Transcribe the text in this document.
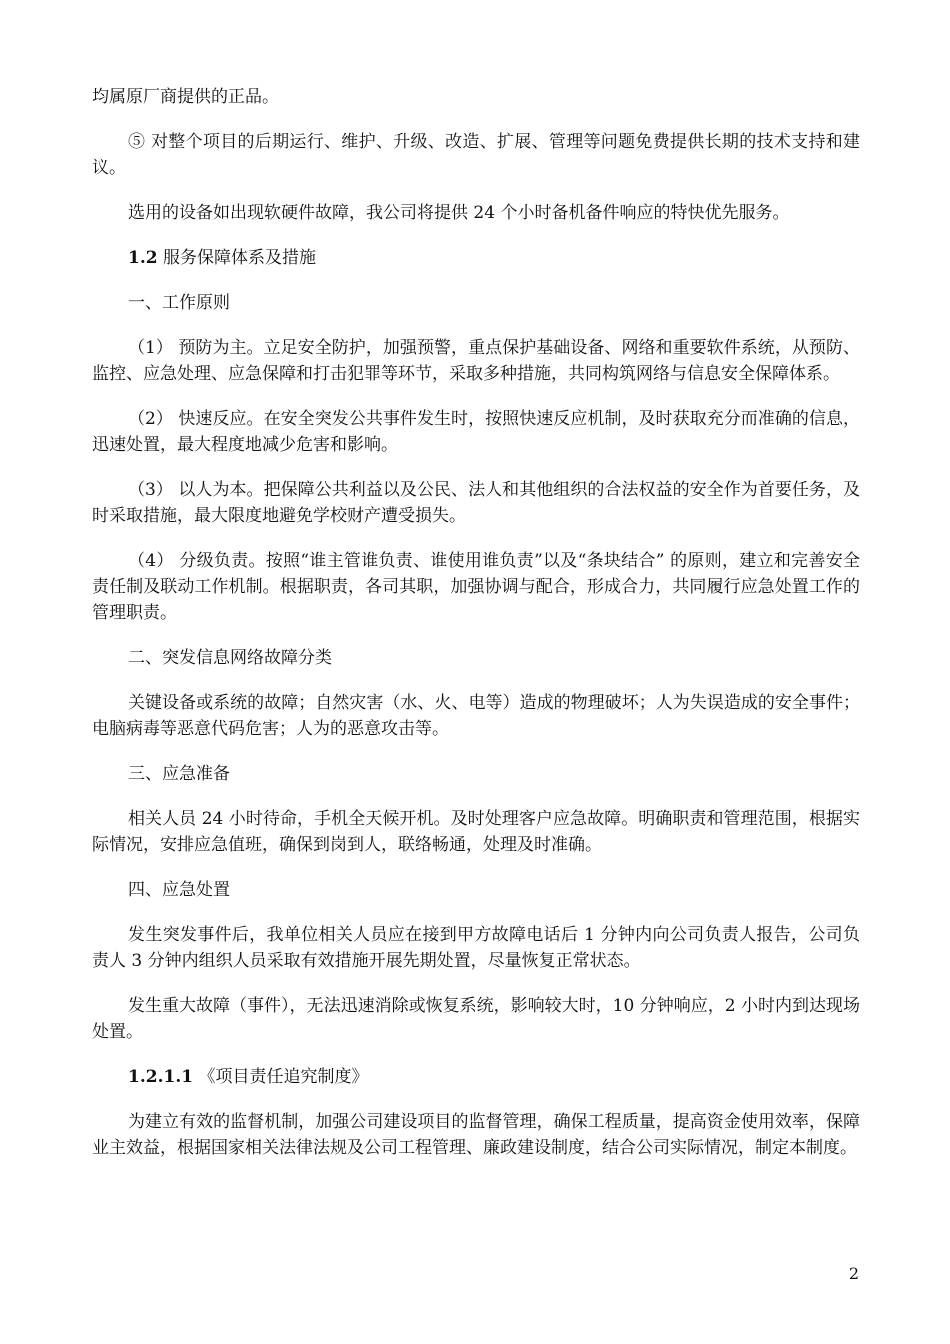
均属原厂商提供的正品。

⑤ 对整个项目的后期运行、维护、升级、改造、扩展、管理等问题免费提供长期的技术支持和建议。

选用的设备如出现软硬件故障，我公司将提供 24 个小时备机备件响应的特快优先服务。

1.2 服务保障体系及措施

一、工作原则

（1） 预防为主。立足安全防护，加强预警，重点保护基础设备、网络和重要软件系统，从预防、监控、应急处理、应急保障和打击犯罪等环节，采取多种措施，共同构筑网络与信息安全保障体系。

（2） 快速反应。在安全突发公共事件发生时，按照快速反应机制，及时获取充分而准确的信息，迅速处置，最大程度地减少危害和影响。

（3） 以人为本。把保障公共利益以及公民、法人和其他组织的合法权益的安全作为首要任务，及时采取措施，最大限度地避免学校财产遭受损失。

（4） 分级负责。按照“谁主管谁负责、谁使用谁负责”以及“条块结合” 的原则，建立和完善安全责任制及联动工作机制。根据职责，各司其职，加强协调与配合，形成合力，共同履行应急处置工作的管理职责。

二、突发信息网络故障分类

关键设备或系统的故障；自然灾害（水、火、电等）造成的物理破坏；人为失误造成的安全事件；电脑病毒等恶意代码危害；人为的恶意攻击等。

三、应急准备

相关人员 24 小时待命，手机全天候开机。及时处理客户应急故障。明确职责和管理范围，根据实际情况，安排应急值班，确保到岗到人，联络畅通，处理及时准确。

四、应急处置

发生突发事件后，我单位相关人员应在接到甲方故障电话后 1 分钟内向公司负责人报告，公司负责人 3 分钟内组织人员采取有效措施开展先期处置，尽量恢复正常状态。

发生重大故障（事件），无法迅速消除或恢复系统，影响较大时，10 分钟响应，2 小时内到达现场处置。

1.2.1.1 《项目责任追究制度》

为建立有效的监督机制，加强公司建设项目的监督管理，确保工程质量，提高资金使用效率，保障业主效益，根据国家相关法律法规及公司工程管理、廉政建设制度，结合公司实际情况，制定本制度。

2
